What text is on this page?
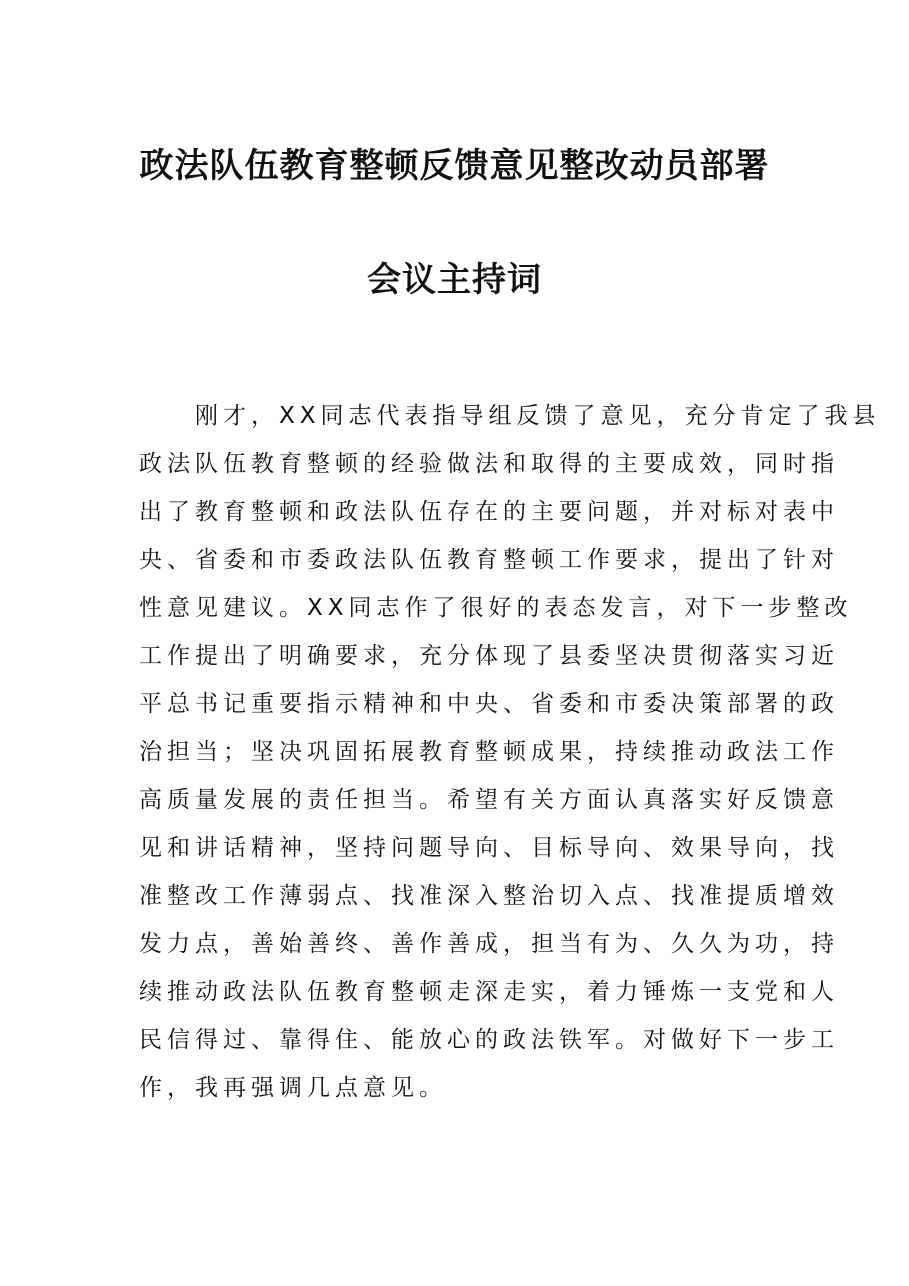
政法队伍教育整顿反馈意见整改动员部署
会议主持词
　　刚才，XX同志代表指导组反馈了意见，充分肯定了我县
政法队伍教育整顿的经验做法和取得的主要成效，同时指
出了教育整顿和政法队伍存在的主要问题，并对标对表中
央、省委和市委政法队伍教育整顿工作要求，提出了针对
性意见建议。XX同志作了很好的表态发言，对下一步整改
工作提出了明确要求，充分体现了县委坚决贯彻落实习近
平总书记重要指示精神和中央、省委和市委决策部署的政
治担当；坚决巩固拓展教育整顿成果，持续推动政法工作
高质量发展的责任担当。希望有关方面认真落实好反馈意
见和讲话精神，坚持问题导向、目标导向、效果导向，找
准整改工作薄弱点、找准深入整治切入点、找准提质增效
发力点，善始善终、善作善成，担当有为、久久为功，持
续推动政法队伍教育整顿走深走实，着力锤炼一支党和人
民信得过、靠得住、能放心的政法铁军。对做好下一步工
作，我再强调几点意见。
